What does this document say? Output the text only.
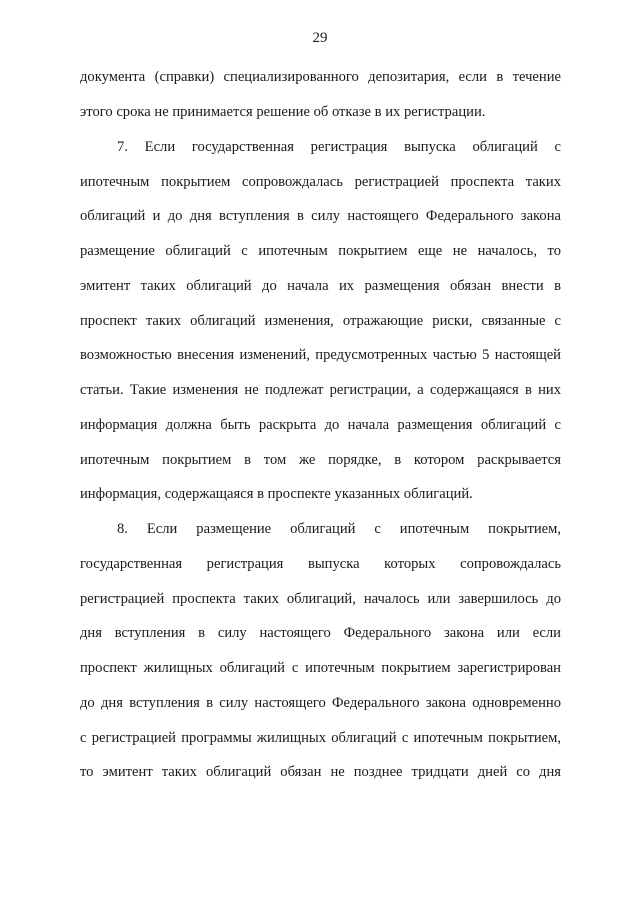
29
документа (справки) специализированного депозитария, если в течение
этого срока не принимается решение об отказе в их регистрации.
7. Если государственная регистрация выпуска облигаций с
ипотечным покрытием сопровождалась регистрацией проспекта таких
облигаций и до дня вступления в силу настоящего Федерального закона
размещение облигаций с ипотечным покрытием еще не началось, то
эмитент таких облигаций до начала их размещения обязан внести в
проспект таких облигаций изменения, отражающие риски, связанные с
возможностью внесения изменений, предусмотренных частью 5 настоящей
статьи. Такие изменения не подлежат регистрации, а содержащаяся в них
информация должна быть раскрыта до начала размещения облигаций с
ипотечным покрытием в том же порядке, в котором раскрывается
информация, содержащаяся в проспекте указанных облигаций.
8. Если размещение облигаций с ипотечным покрытием,
государственная регистрация выпуска которых сопровождалась
регистрацией проспекта таких облигаций, началось или завершилось до
дня вступления в силу настоящего Федерального закона или если
проспект жилищных облигаций с ипотечным покрытием зарегистрирован
до дня вступления в силу настоящего Федерального закона одновременно
с регистрацией программы жилищных облигаций с ипотечным покрытием,
то эмитент таких облигаций обязан не позднее тридцати дней со дня
